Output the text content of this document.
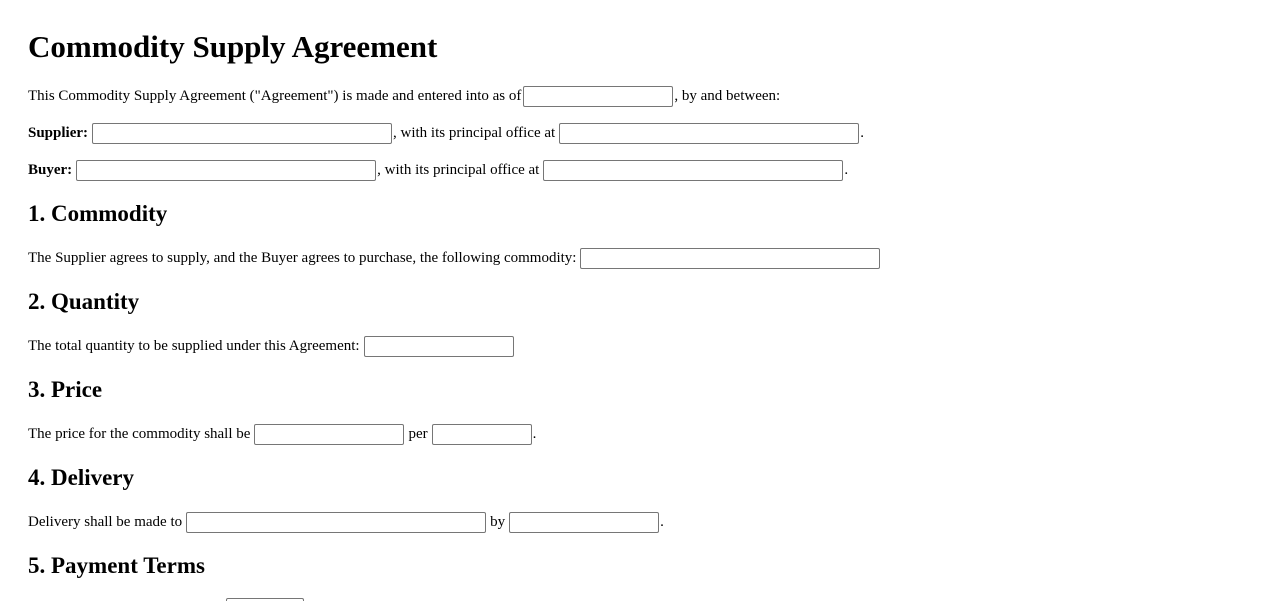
Commodity Supply Agreement
This Commodity Supply Agreement ("Agreement") is made and entered into as of	, by and between:
Supplier:	, with its principal office at	.
Buyer:	, with its principal office at	.
1. Commodity
The Supplier agrees to supply, and the Buyer agrees to purchase, the following commodity:
2. Quantity
The total quantity to be supplied under this Agreement:
3. Price
The price for the commodity shall be	per	.
4. Delivery
Delivery shall be made to	by	.
5. Payment Terms
